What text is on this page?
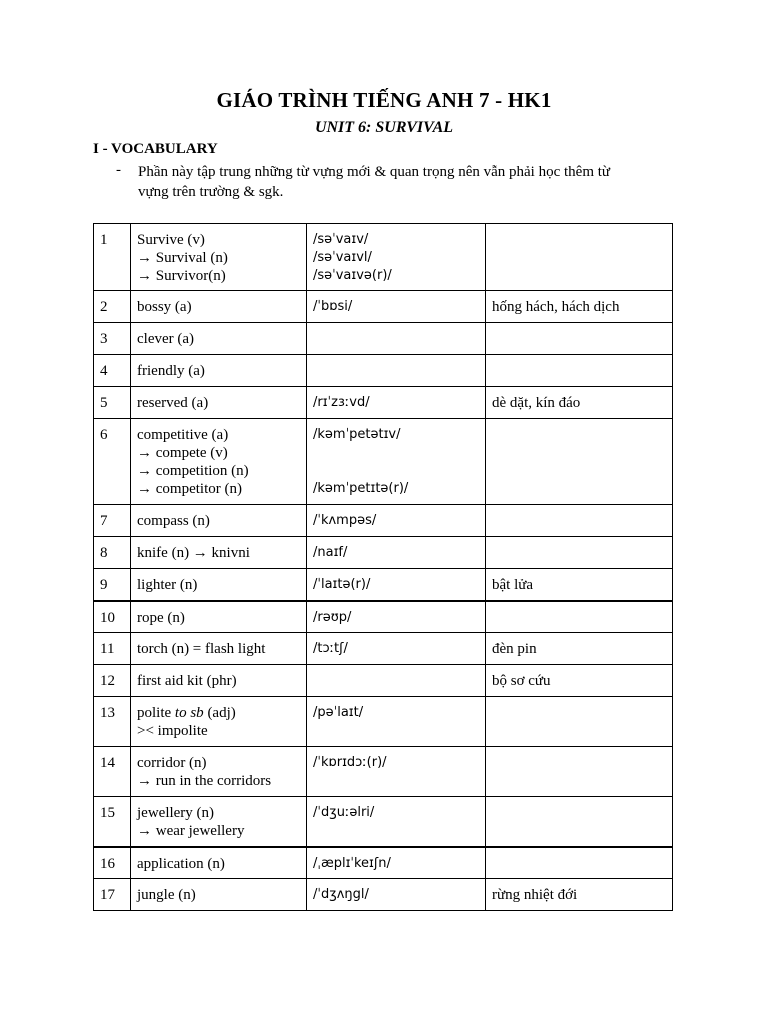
GIÁO TRÌNH TIẾNG ANH 7 - HK1
UNIT 6: SURVIVAL
I - VOCABULARY
- Phần này tập trung những từ vựng mới & quan trọng nên vẫn phải học thêm từ
vựng trên trường & sgk.
1	Survive (v)
→ Survival (n)
→ Survivor(n)	/səˈvaɪv/
/səˈvaɪvl/
/səˈvaɪvə(r)/	

2	bossy (a)	/ˈbɒsi/	hống hách, hách dịch
3	clever (a)		

4	friendly (a)		

5	reserved (a)	/rɪˈzɜːvd/	dè dặt, kín đáo
6	competitive (a)
→ compete (v)
→ competition (n)
→ competitor (n)	/kəmˈpetətɪv/
/kəmˈpetɪtə(r)/	

7	compass (n)	/ˈkʌmpəs/	

8	knife (n) → knivni	/naɪf/	

9	lighter (n)	/ˈlaɪtə(r)/	bật lửa
10	rope (n)	/rəʊp/	

11	torch (n) = flash light	/tɔːtʃ/	đèn pin
12	first aid kit (phr)		bộ sơ cứu
13	polite to sb (adj)
>< impolite	/pəˈlaɪt/	

14	corridor (n)
→ run in the corridors	/ˈkɒrɪdɔː(r)/	

15	jewellery (n)
→ wear jewellery	/ˈdʒuːəlri/	

16	application (n)	/ˌæplɪˈkeɪʃn/	

17	jungle (n)	/ˈdʒʌŋgl/	rừng nhiệt đới
